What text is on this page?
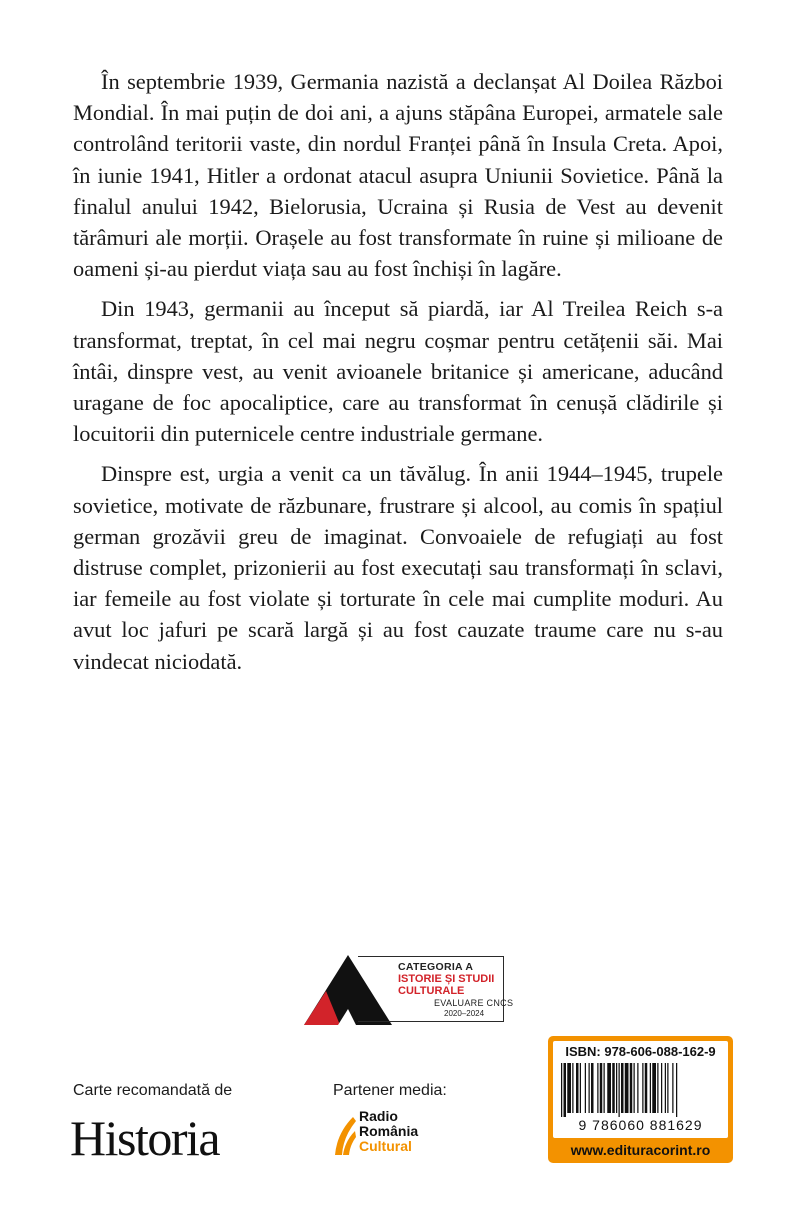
În septembrie 1939, Germania nazistă a declanșat Al Doilea Război Mondial. În mai puțin de doi ani, a ajuns stăpâna Europei, armatele sale controlând teritorii vaste, din nordul Franței până în Insula Creta. Apoi, în iunie 1941, Hitler a ordonat atacul asupra Uniunii Sovietice. Până la finalul anului 1942, Bielorusia, Ucraina și Rusia de Vest au devenit tărâmuri ale morții. Orașele au fost transformate în ruine și milioane de oameni și-au pierdut viața sau au fost închiși în lagăre.

Din 1943, germanii au început să piardă, iar Al Treilea Reich s-a transformat, treptat, în cel mai negru coșmar pentru cetățenii săi. Mai întâi, dinspre vest, au venit avioanele britanice și americane, aducând uragane de foc apocaliptice, care au transformat în cenușă clădirile și locuitorii din puternicele centre industriale germane.

Dinspre est, urgia a venit ca un tăvălug. În anii 1944–1945, trupele sovietice, motivate de răzbunare, frustrare și alcool, au comis în spațiul german grozăvii greu de imaginat. Convoaiele de refugiați au fost distruse complet, prizonierii au fost executați sau transformați în sclavi, iar femeile au fost violate și torturate în cele mai cumplite moduri. Au avut loc jafuri pe scară largă și au fost cauzate traume care nu s-au vindecat niciodată.

CATEGORIA A
ISTORIE ȘI STUDII
CULTURALE
EVALUARE CNCS
2020–2024
Carte recomandată de
Historia
Partener media:
Radio
România
Cultural
ISBN: 978-606-088-162-9
9 786060 881629
www.edituracorint.ro
